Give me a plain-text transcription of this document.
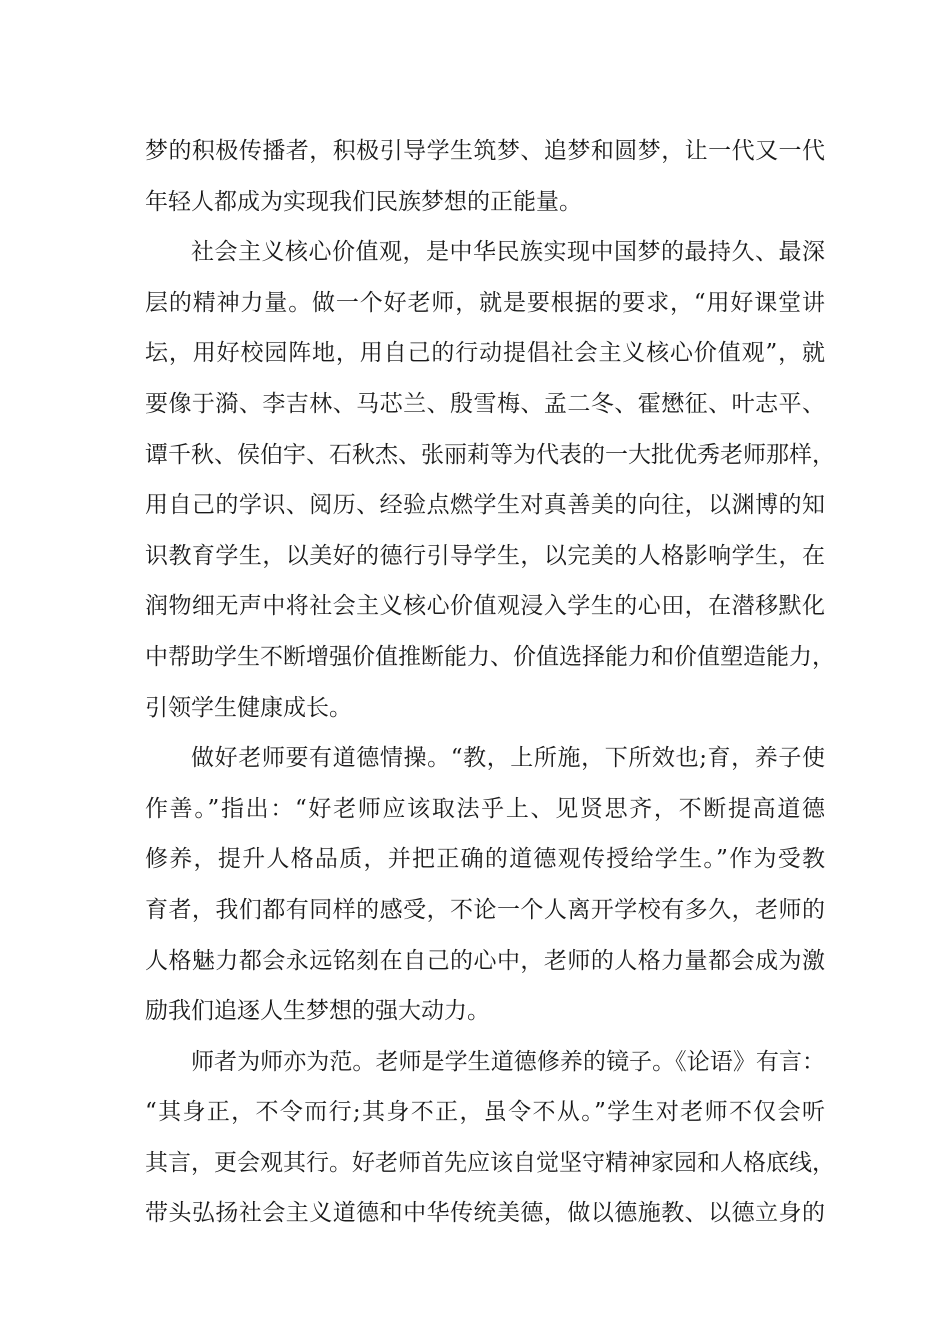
梦的积极传播者，积极引导学生筑梦、追梦和圆梦，让一代又一代
年轻人都成为实现我们民族梦想的正能量。
社会主义核心价值观，是中华民族实现中国梦的最持久、最深
层的精神力量。做一个好老师，就是要根据的要求，“用好课堂讲
坛，用好校园阵地，用自己的行动提倡社会主义核心价值观”，就
要像于漪、李吉林、马芯兰、殷雪梅、孟二冬、霍懋征、叶志平、
谭千秋、侯伯宇、石秋杰、张丽莉等为代表的一大批优秀老师那样，
用自己的学识、阅历、经验点燃学生对真善美的向往，以渊博的知
识教育学生，以美好的德行引导学生，以完美的人格影响学生，在
润物细无声中将社会主义核心价值观浸入学生的心田，在潜移默化
中帮助学生不断增强价值推断能力、价值选择能力和价值塑造能力，
引领学生健康成长。
做好老师要有道德情操。“教，上所施，下所效也;育，养子使
作善。”指出：“好老师应该取法乎上、见贤思齐，不断提高道德
修养，提升人格品质，并把正确的道德观传授给学生。”作为受教
育者，我们都有同样的感受，不论一个人离开学校有多久，老师的
人格魅力都会永远铭刻在自己的心中，老师的人格力量都会成为激
励我们追逐人生梦想的强大动力。
师者为师亦为范。老师是学生道德修养的镜子。《论语》有言：
“其身正，不令而行;其身不正，虽令不从。”学生对老师不仅会听
其言，更会观其行。好老师首先应该自觉坚守精神家园和人格底线，
带头弘扬社会主义道德和中华传统美德，做以德施教、以德立身的
